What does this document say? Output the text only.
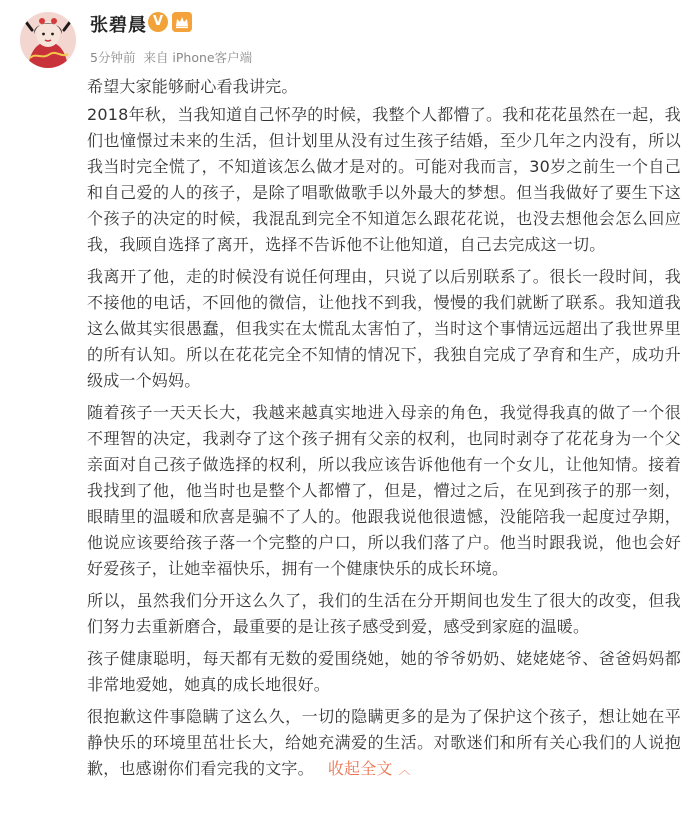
张碧晨 V
5分钟前 来自 iPhone客户端

希望大家能够耐心看我讲完。

2018年秋，当我知道自己怀孕的时候，我整个人都懵了。我和花花虽然在一起，我们也憧憬过未来的生活，但计划里从没有过生孩子结婚，至少几年之内没有，所以我当时完全慌了，不知道该怎么做才是对的。可能对我而言，30岁之前生一个自己和自己爱的人的孩子，是除了唱歌做歌手以外最大的梦想。但当我做好了要生下这个孩子的决定的时候，我混乱到完全不知道怎么跟花花说，也没去想他会怎么回应我，我顾自选择了离开，选择不告诉他不让他知道，自己去完成这一切。

我离开了他，走的时候没有说任何理由，只说了以后别联系了。很长一段时间，我不接他的电话，不回他的微信，让他找不到我，慢慢的我们就断了联系。我知道我这么做其实很愚蠢，但我实在太慌乱太害怕了，当时这个事情远远超出了我世界里的所有认知。所以在花花完全不知情的情况下，我独自完成了孕育和生产，成功升级成一个妈妈。

随着孩子一天天长大，我越来越真实地进入母亲的角色，我觉得我真的做了一个很不理智的决定，我剥夺了这个孩子拥有父亲的权利，也同时剥夺了花花身为一个父亲面对自己孩子做选择的权利，所以我应该告诉他他有一个女儿，让他知情。接着我找到了他，他当时也是整个人都懵了，但是，懵过之后，在见到孩子的那一刻，眼睛里的温暖和欣喜是骗不了人的。他跟我说他很遗憾，没能陪我一起度过孕期，他说应该要给孩子落一个完整的户口，所以我们落了户。他当时跟我说，他也会好好爱孩子，让她幸福快乐，拥有一个健康快乐的成长环境。

所以，虽然我们分开这么久了，我们的生活在分开期间也发生了很大的改变，但我们努力去重新磨合，最重要的是让孩子感受到爱，感受到家庭的温暖。

孩子健康聪明，每天都有无数的爱围绕她，她的爷爷奶奶、姥姥姥爷、爸爸妈妈都非常地爱她，她真的成长地很好。

很抱歉这件事隐瞒了这么久，一切的隐瞒更多的是为了保护这个孩子，想让她在平静快乐的环境里茁壮长大，给她充满爱的生活。对歌迷们和所有关心我们的人说抱歉，也感谢你们看完我的文字。 收起全文 ︿
